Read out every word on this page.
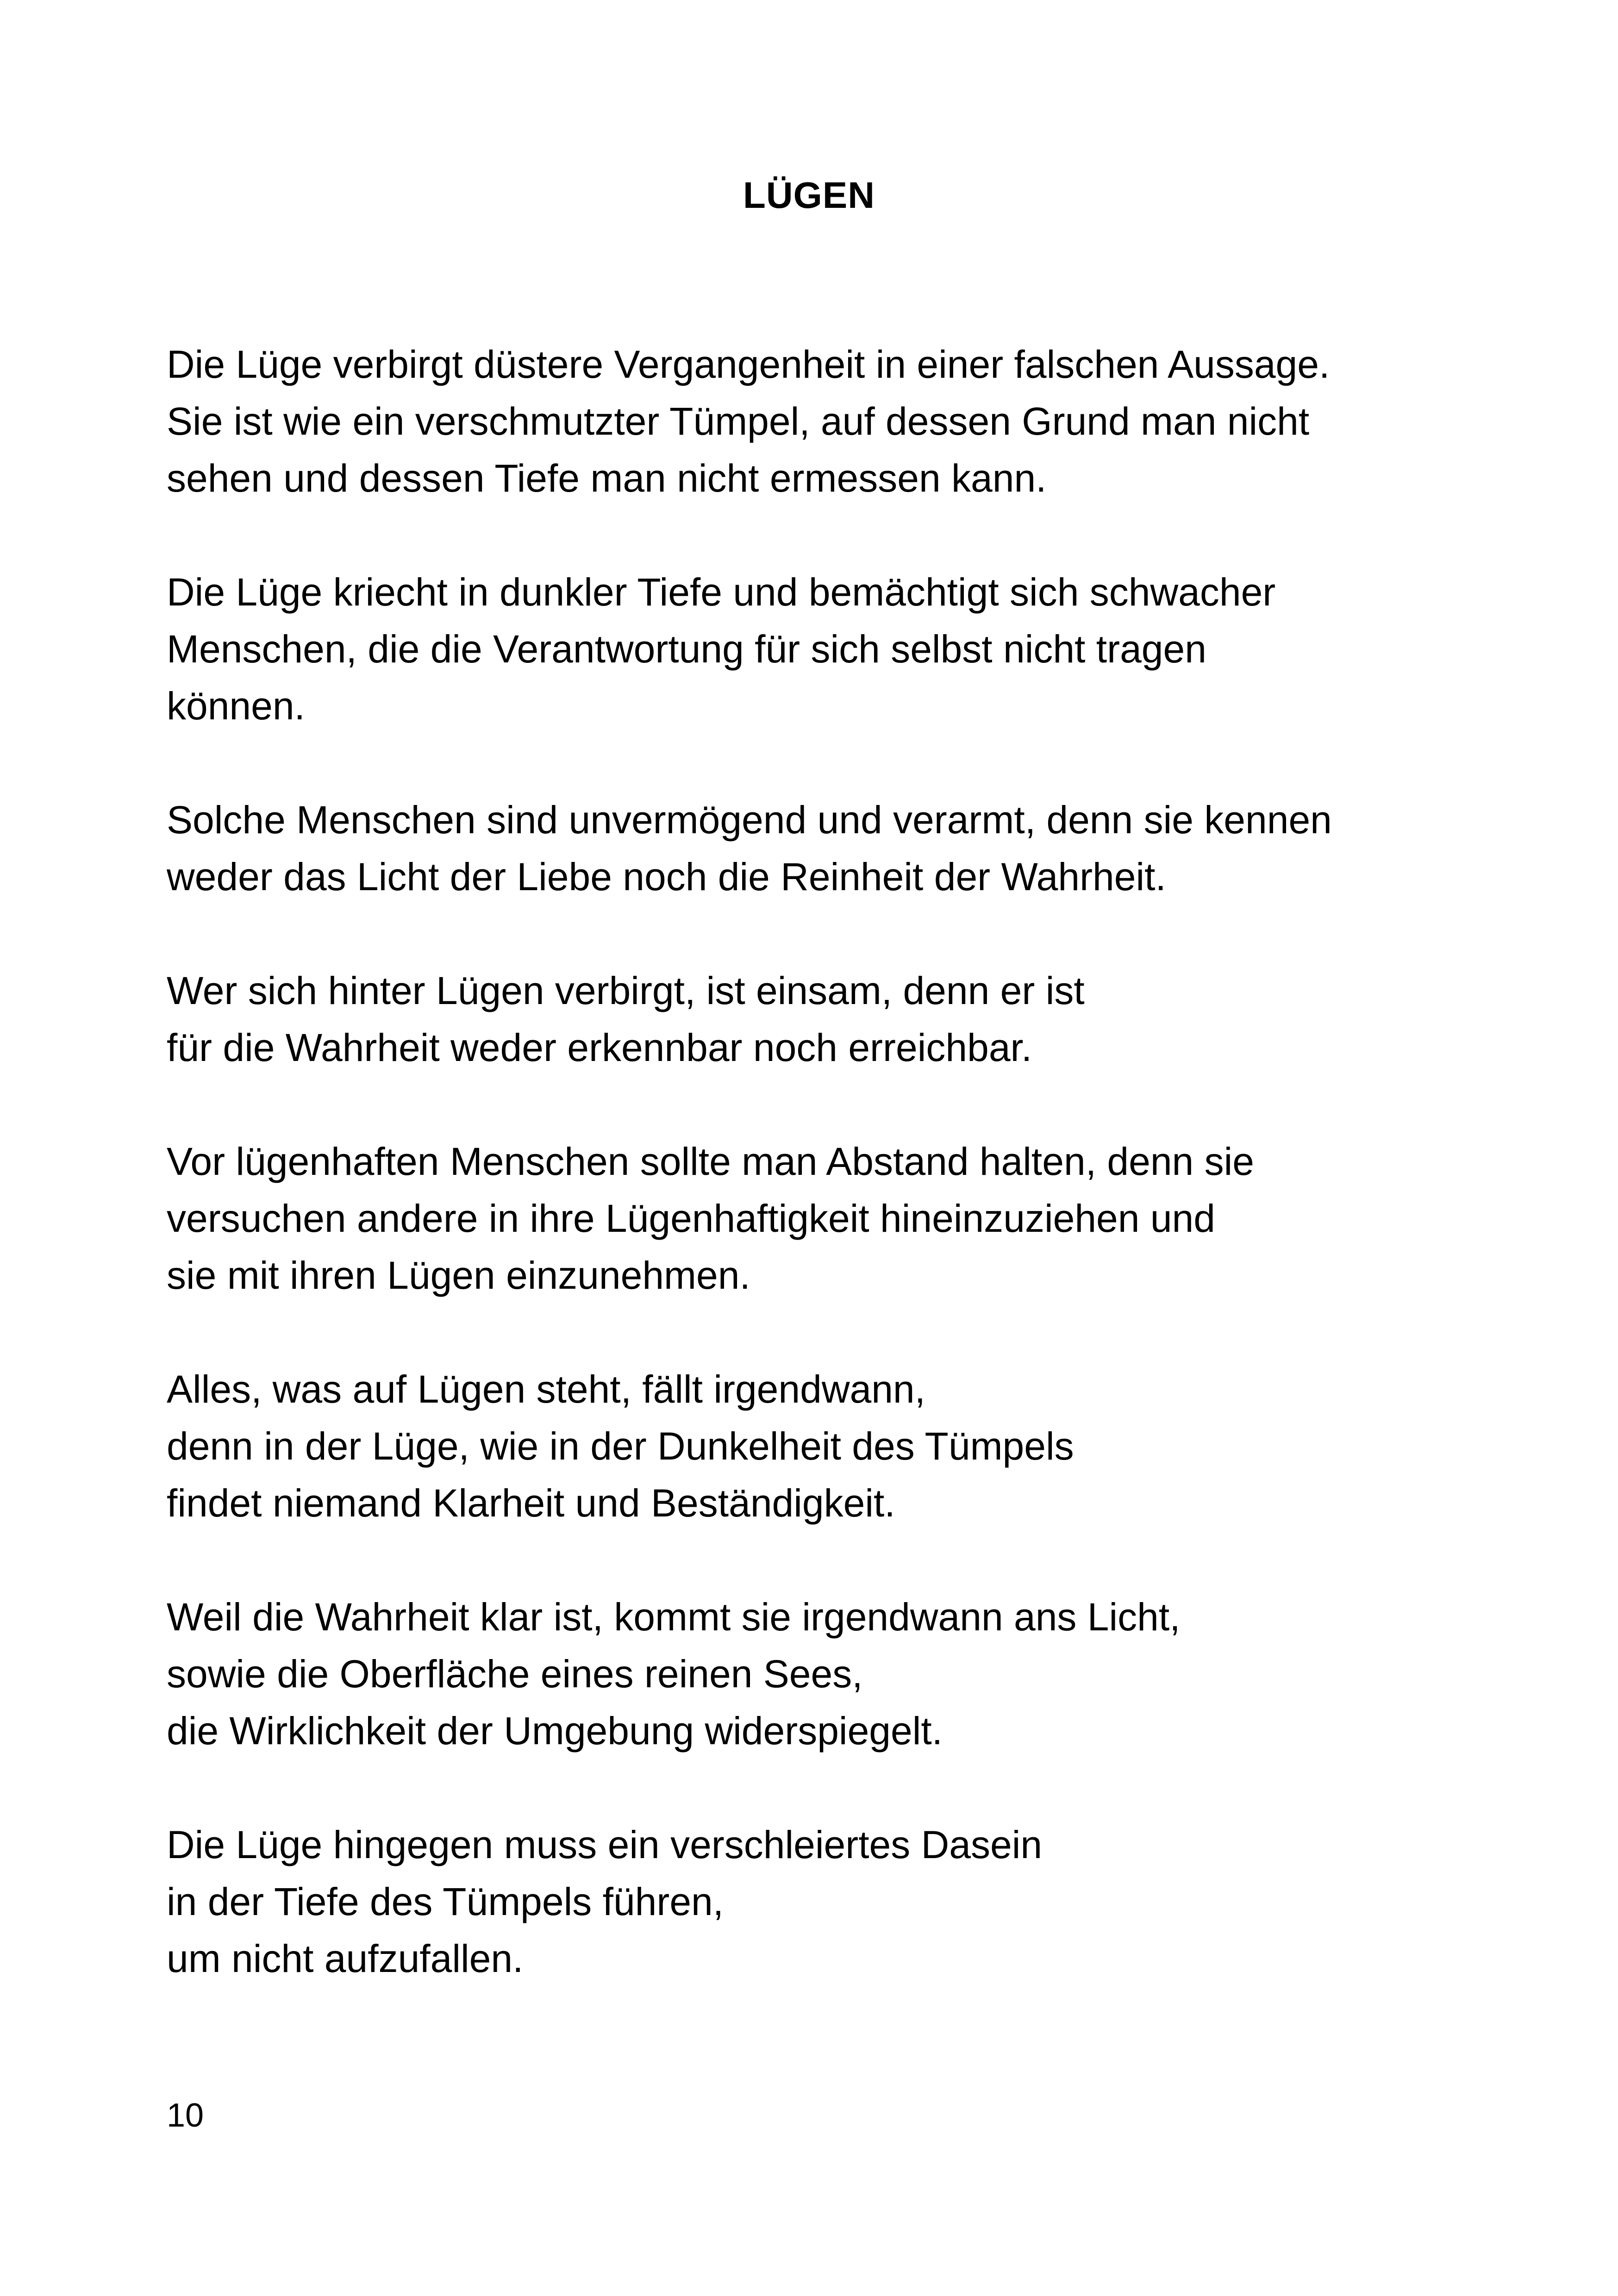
LÜGEN
Die Lüge verbirgt düstere Vergangenheit in einer falschen Aussage.
Sie ist wie ein verschmutzter Tümpel, auf dessen Grund man nicht
sehen und dessen Tiefe man nicht ermessen kann.
Die Lüge kriecht in dunkler Tiefe und bemächtigt sich schwacher
Menschen, die die Verantwortung für sich selbst nicht tragen
können.
Solche Menschen sind unvermögend und verarmt, denn sie kennen
weder das Licht der Liebe noch die Reinheit der Wahrheit.
Wer sich hinter Lügen verbirgt, ist einsam, denn er ist
für die Wahrheit weder erkennbar noch erreichbar.
Vor lügenhaften Menschen sollte man Abstand halten, denn sie
versuchen andere in ihre Lügenhaftigkeit hineinzuziehen und
sie mit ihren Lügen einzunehmen.
Alles, was auf Lügen steht, fällt irgendwann,
denn in der Lüge, wie in der Dunkelheit des Tümpels
findet niemand Klarheit und Beständigkeit.
Weil die Wahrheit klar ist, kommt sie irgendwann ans Licht,
sowie die Oberfläche eines reinen Sees,
die Wirklichkeit der Umgebung widerspiegelt.
Die Lüge hingegen muss ein verschleiertes Dasein
in der Tiefe des Tümpels führen,
um nicht aufzufallen.
10
